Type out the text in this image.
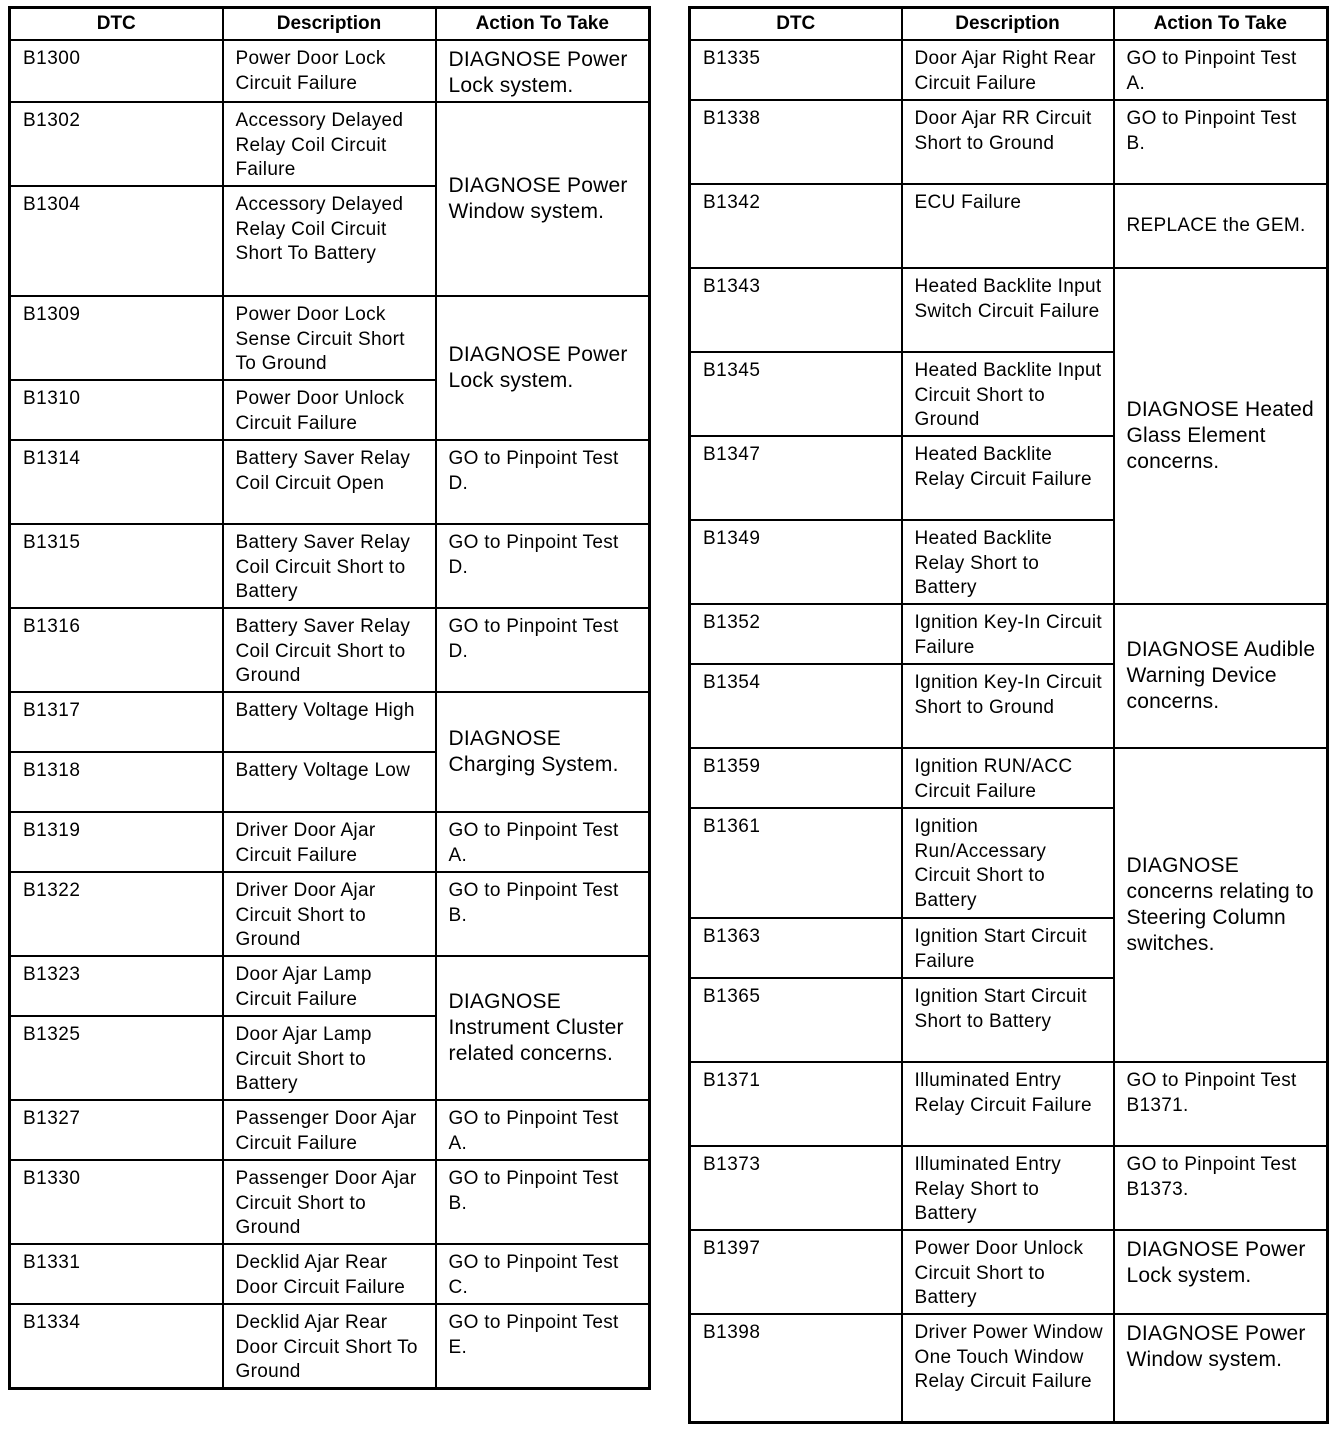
DTC	Description	Action To Take
B1300	Power Door Lock Circuit Failure	DIAGNOSE Power Lock system.
B1302	Accessory Delayed Relay Coil Circuit Failure	DIAGNOSE Power Window system.
B1304	Accessory Delayed Relay Coil Circuit Short To Battery	
B1309	Power Door Lock Sense Circuit Short To Ground	DIAGNOSE Power Lock system.
B1310	Power Door Unlock Circuit Failure	
B1314	Battery Saver Relay Coil Circuit Open	GO to Pinpoint Test D.
B1315	Battery Saver Relay Coil Circuit Short to Battery	GO to Pinpoint Test D.
B1316	Battery Saver Relay Coil Circuit Short to Ground	GO to Pinpoint Test D.
B1317	Battery Voltage High	DIAGNOSE Charging System.
B1318	Battery Voltage Low	
B1319	Driver Door Ajar Circuit Failure	GO to Pinpoint Test A.
B1322	Driver Door Ajar Circuit Short to Ground	GO to Pinpoint Test B.
B1323	Door Ajar Lamp Circuit Failure	DIAGNOSE Instrument Cluster related concerns.
B1325	Door Ajar Lamp Circuit Short to Battery	
B1327	Passenger Door Ajar Circuit Failure	GO to Pinpoint Test A.
B1330	Passenger Door Ajar Circuit Short to Ground	GO to Pinpoint Test B.
B1331	Decklid Ajar Rear Door Circuit Failure	GO to Pinpoint Test C.
B1334	Decklid Ajar Rear Door Circuit Short To Ground	GO to Pinpoint Test E.
DTC	Description	Action To Take
B1335	Door Ajar Right Rear Circuit Failure	GO to Pinpoint Test A.
B1338	Door Ajar RR Circuit Short to Ground	GO to Pinpoint Test B.
B1342	ECU Failure	REPLACE the GEM.
B1343	Heated Backlite Input Switch Circuit Failure	DIAGNOSE Heated Glass Element concerns.
B1345	Heated Backlite Input Circuit Short to Ground	
B1347	Heated Backlite Relay Circuit Failure	
B1349	Heated Backlite Relay Short to Battery	
B1352	Ignition Key-In Circuit Failure	DIAGNOSE Audible Warning Device concerns.
B1354	Ignition Key-In Circuit Short to Ground	
B1359	Ignition RUN/ACC Circuit Failure	DIAGNOSE concerns relating to Steering Column switches.
B1361	Ignition Run/Accessary Circuit Short to Battery	
B1363	Ignition Start Circuit Failure	
B1365	Ignition Start Circuit Short to Battery	
B1371	Illuminated Entry Relay Circuit Failure	GO to Pinpoint Test B1371.
B1373	Illuminated Entry Relay Short to Battery	GO to Pinpoint Test B1373.
B1397	Power Door Unlock Circuit Short to Battery	DIAGNOSE Power Lock system.
B1398	Driver Power Window One Touch Window Relay Circuit Failure	DIAGNOSE Power Window system.
